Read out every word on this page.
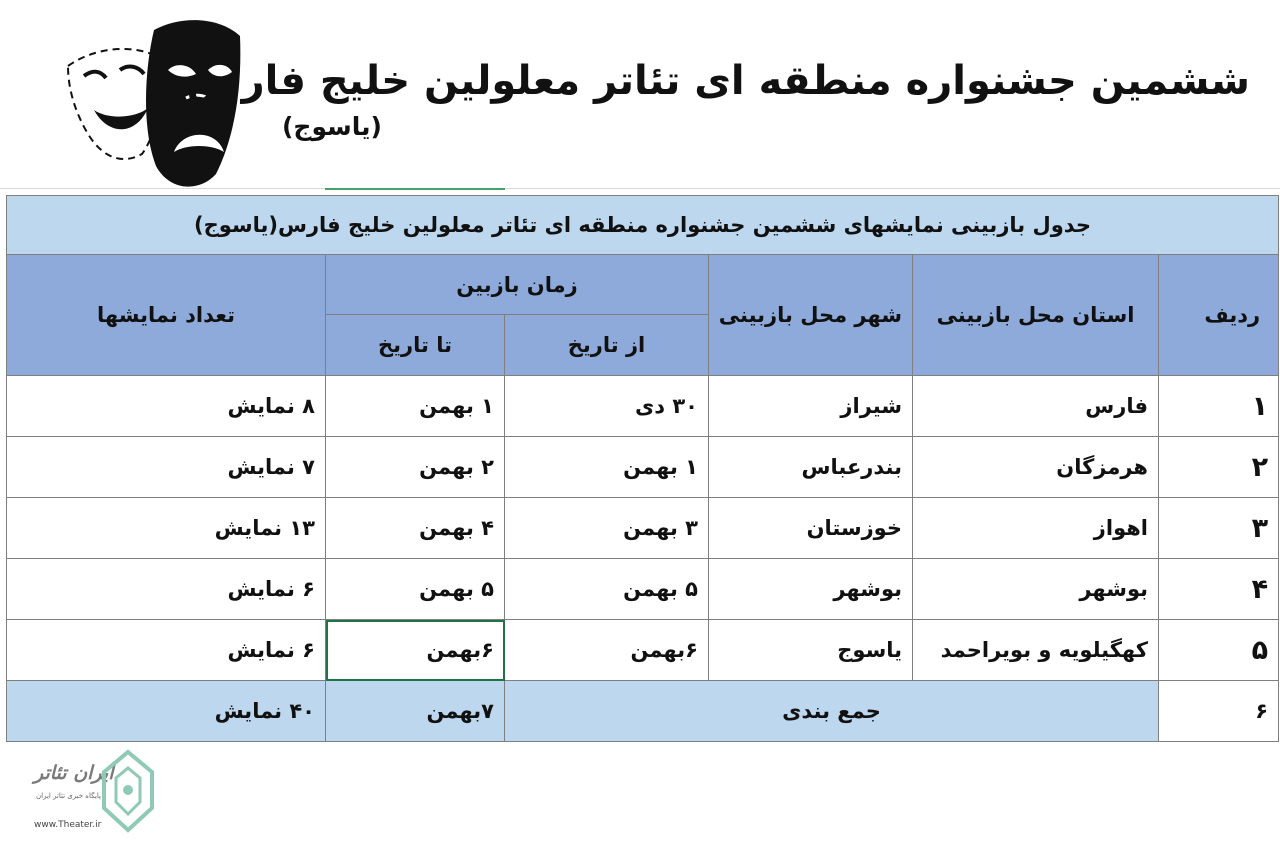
ششمین جشنواره منطقه ای تئاتر معلولین خلیج فارس
(یاسوج)
جدول بازبینی نمایشهای ششمین جشنواره منطقه ای تئاتر معلولین خلیج فارس(یاسوج)					
تعداد نمایشها	زمان بازبین		شهر محل بازبینی	استان محل بازبینی	ردیف
	تا تاریخ	از تاریخ			
۸ نمایش	۱ بهمن	۳۰ دی	شیراز	فارس	۱
۷ نمایش	۲ بهمن	۱ بهمن	بندرعباس	هرمزگان	۲
۱۳ نمایش	۴ بهمن	۳ بهمن	خوزستان	اهواز	۳
۶ نمایش	۵ بهمن	۵ بهمن	بوشهر	بوشهر	۴
۶ نمایش	۶بهمن	۶بهمن	یاسوج	کهگیلویه و بویراحمد	۵
۴۰ نمایش	۷بهمن	جمع بندی			۶
ایران تئاتر
پایگاه خبری تئاتر ایران
www.Theater.ir
